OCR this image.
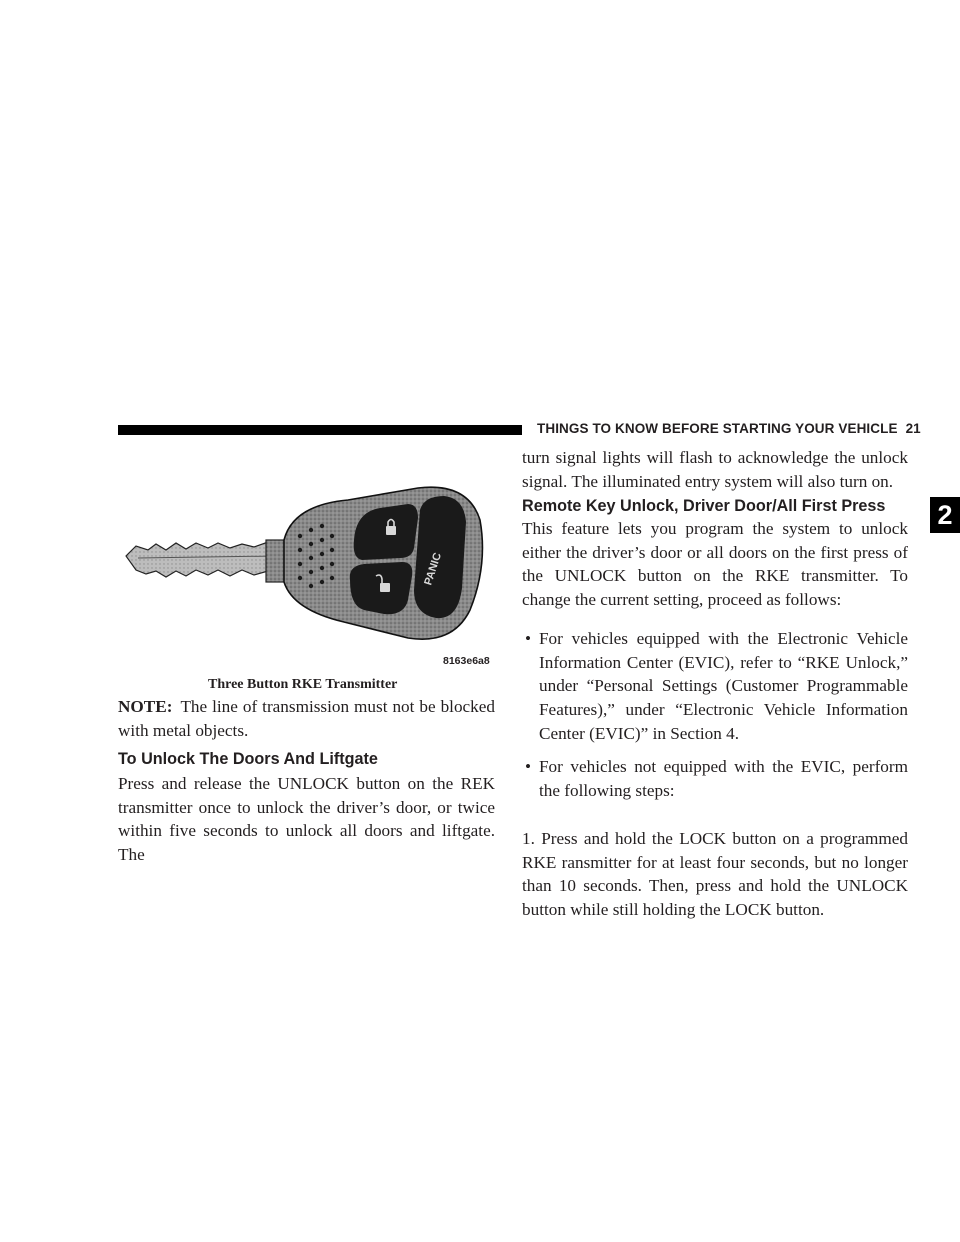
THINGS TO KNOW BEFORE STARTING YOUR VEHICLE 21
2
PANIC
8163e6a8
Three Button RKE Transmitter
NOTE: The line of transmission must not be blocked with metal objects.
To Unlock The Doors And Liftgate

Press and release the UNLOCK button on the REK transmitter once to unlock the driver’s door, or twice within five seconds to unlock all doors and liftgate. The

turn signal lights will flash to acknowledge the unlock signal. The illuminated entry system will also turn on.

Remote Key Unlock, Driver Door/All First Press

This feature lets you program the system to unlock either the driver’s door or all doors on the first press of the UNLOCK button on the RKE transmitter. To change the current setting, proceed as follows:

• For vehicles equipped with the Electronic Vehicle Information Center (EVIC), refer to “RKE Unlock,” under “Personal Settings (Customer Programmable Features),” under “Electronic Vehicle Information Center (EVIC)” in Section 4.
• For vehicles not equipped with the EVIC, perform the following steps:

1. Press and hold the LOCK button on a programmed RKE ransmitter for at least four seconds, but no longer than 10 seconds. Then, press and hold the UNLOCK button while still holding the LOCK button.
